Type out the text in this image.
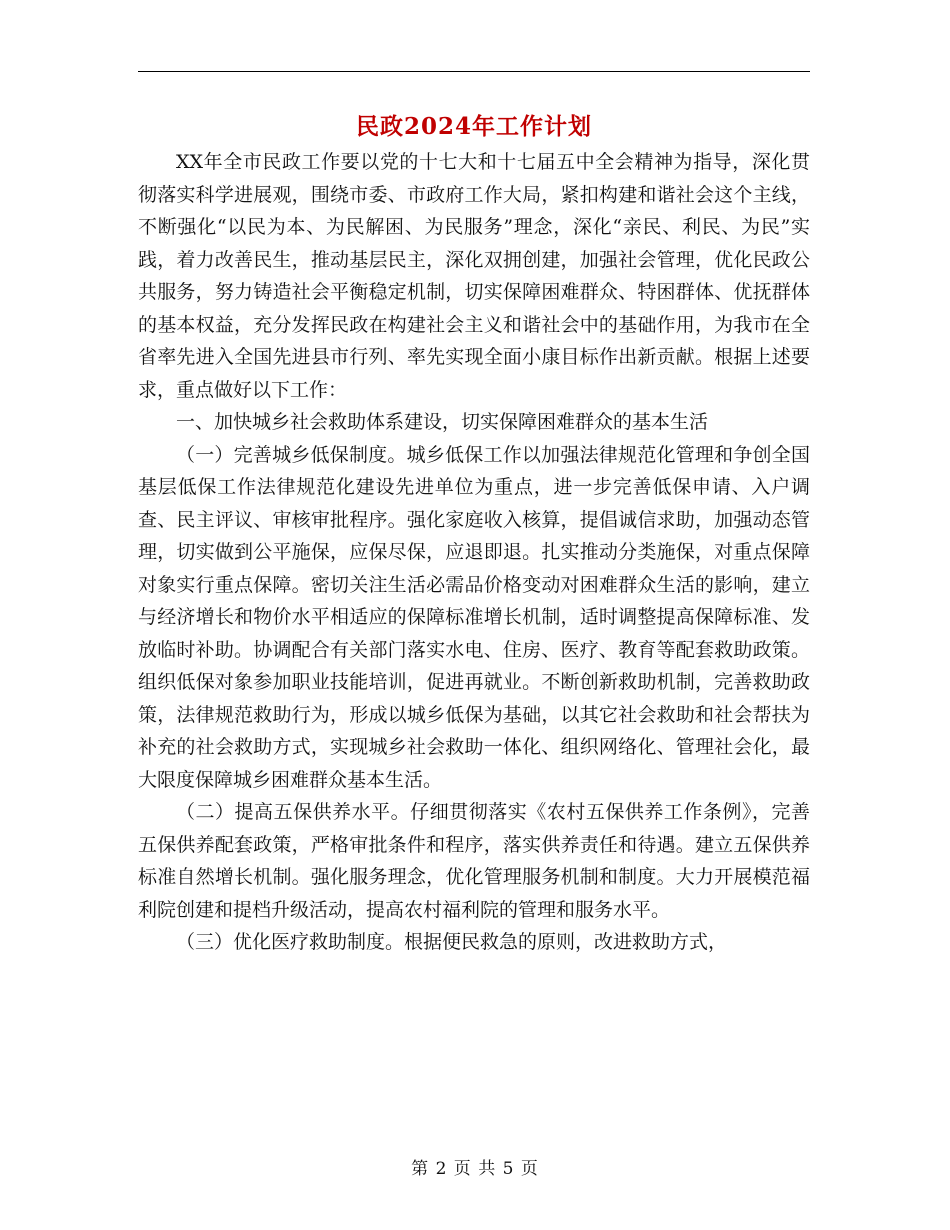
民政2024年工作计划

XX年全市民政工作要以党的十七大和十七届五中全会精神为指导，深化贯彻落实科学进展观，围绕市委、市政府工作大局，紧扣构建和谐社会这个主线，不断强化“以民为本、为民解困、为民服务”理念，深化“亲民、利民、为民”实践，着力改善民生，推动基层民主，深化双拥创建，加强社会管理，优化民政公共服务，努力铸造社会平衡稳定机制，切实保障困难群众、特困群体、优抚群体的基本权益，充分发挥民政在构建社会主义和谐社会中的基础作用，为我市在全省率先进入全国先进县市行列、率先实现全面小康目标作出新贡献。根据上述要求，重点做好以下工作：

一、加快城乡社会救助体系建设，切实保障困难群众的基本生活

（一）完善城乡低保制度。城乡低保工作以加强法律规范化管理和争创全国基层低保工作法律规范化建设先进单位为重点，进一步完善低保申请、入户调查、民主评议、审核审批程序。强化家庭收入核算，提倡诚信求助，加强动态管理，切实做到公平施保，应保尽保，应退即退。扎实推动分类施保，对重点保障对象实行重点保障。密切关注生活必需品价格变动对困难群众生活的影响，建立与经济增长和物价水平相适应的保障标准增长机制，适时调整提高保障标准、发放临时补助。协调配合有关部门落实水电、住房、医疗、教育等配套救助政策。组织低保对象参加职业技能培训，促进再就业。不断创新救助机制，完善救助政策，法律规范救助行为，形成以城乡低保为基础，以其它社会救助和社会帮扶为补充的社会救助方式，实现城乡社会救助一体化、组织网络化、管理社会化，最大限度保障城乡困难群众基本生活。

（二）提高五保供养水平。仔细贯彻落实《农村五保供养工作条例》，完善五保供养配套政策，严格审批条件和程序，落实供养责任和待遇。建立五保供养标准自然增长机制。强化服务理念，优化管理服务机制和制度。大力开展模范福利院创建和提档升级活动，提高农村福利院的管理和服务水平。

（三）优化医疗救助制度。根据便民救急的原则，改进救助方式，

第 2 页 共 5 页
